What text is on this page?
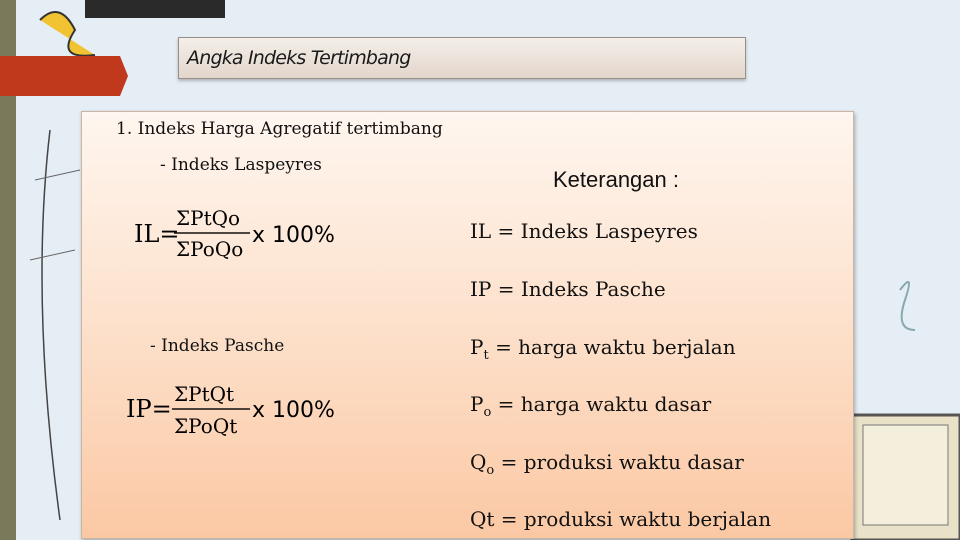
Angka Indeks Tertimbang
1. Indeks Harga Agregatif tertimbang
- Indeks Laspeyres
Keterangan :
IL=
ΣPtQo
ΣPoQo
x 100%
- Indeks Pasche
IP=
ΣPtQt
ΣPoQt
x 100%
IL = Indeks Laspeyres
IP = Indeks Pasche
$P_t$ = harga waktu berjalan
$P_o$ = harga waktu dasar
$Q_o$ = produksi waktu dasar
Qt = produksi waktu berjalan
